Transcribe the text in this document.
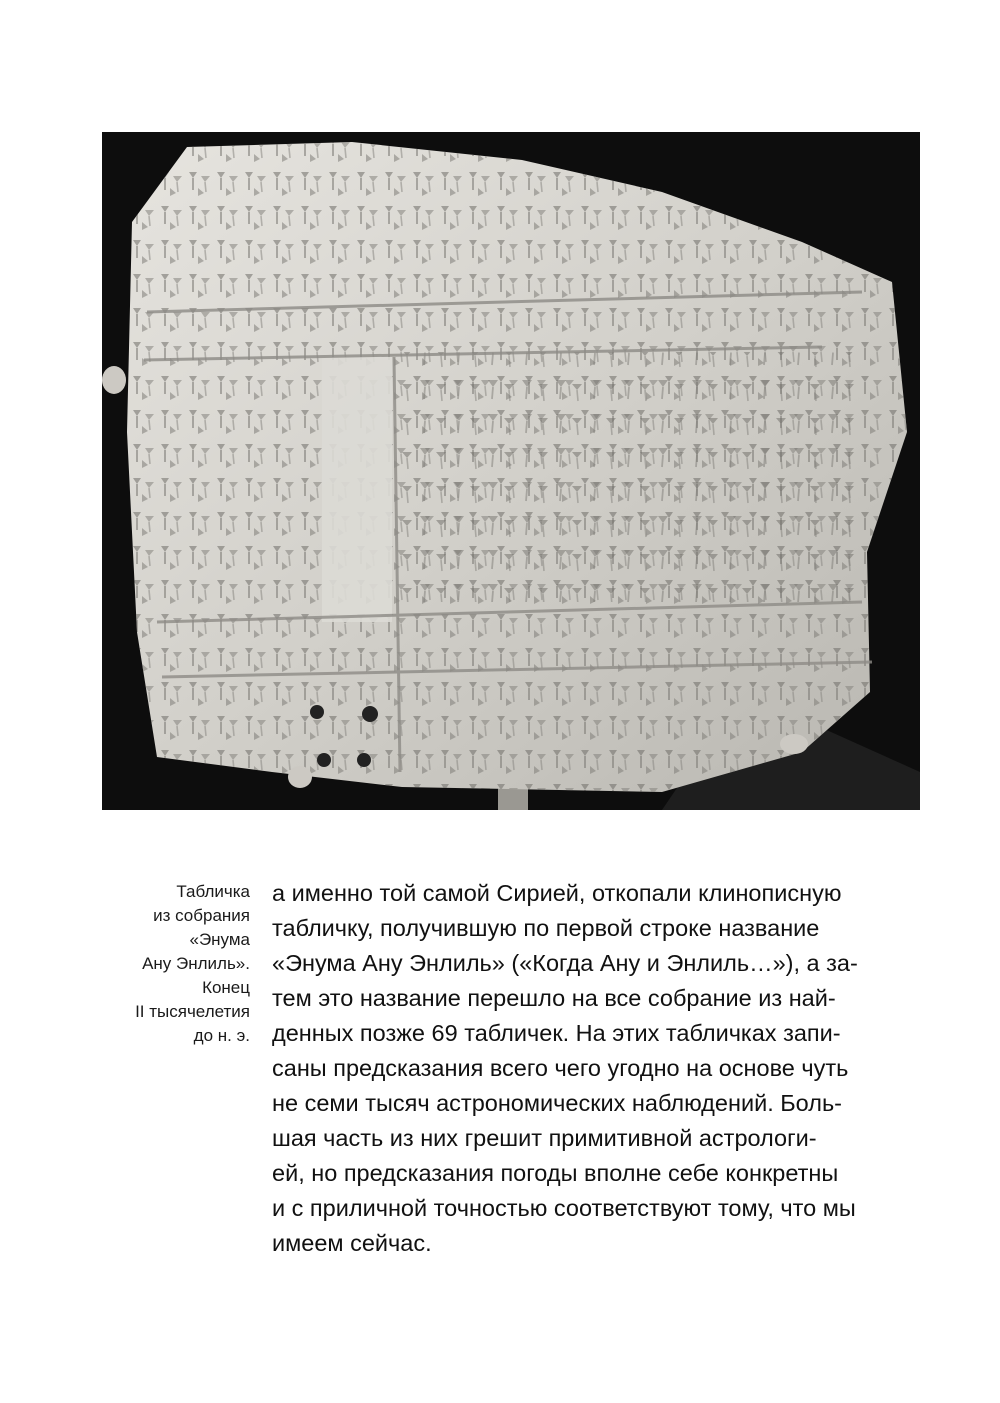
Табличка
из собрания
«Энума
Ану Энлиль».
Конец
II тысячелетия
до н. э.
а именно той самой Сирией, откопали клинописную
табличку, получившую по первой строке название
«Энума Ану Энлиль» («Когда Ану и Энлиль…»), а за-
тем это название перешло на все собрание из най-
денных позже 69 табличек. На этих табличках запи-
саны предсказания всего чего угодно на основе чуть
не семи тысяч астрономических наблюдений. Боль-
шая часть из них грешит примитивной астрологи-
ей, но предсказания погоды вполне себе конкретны
и с приличной точностью соответствуют тому, что мы
имеем сейчас.
